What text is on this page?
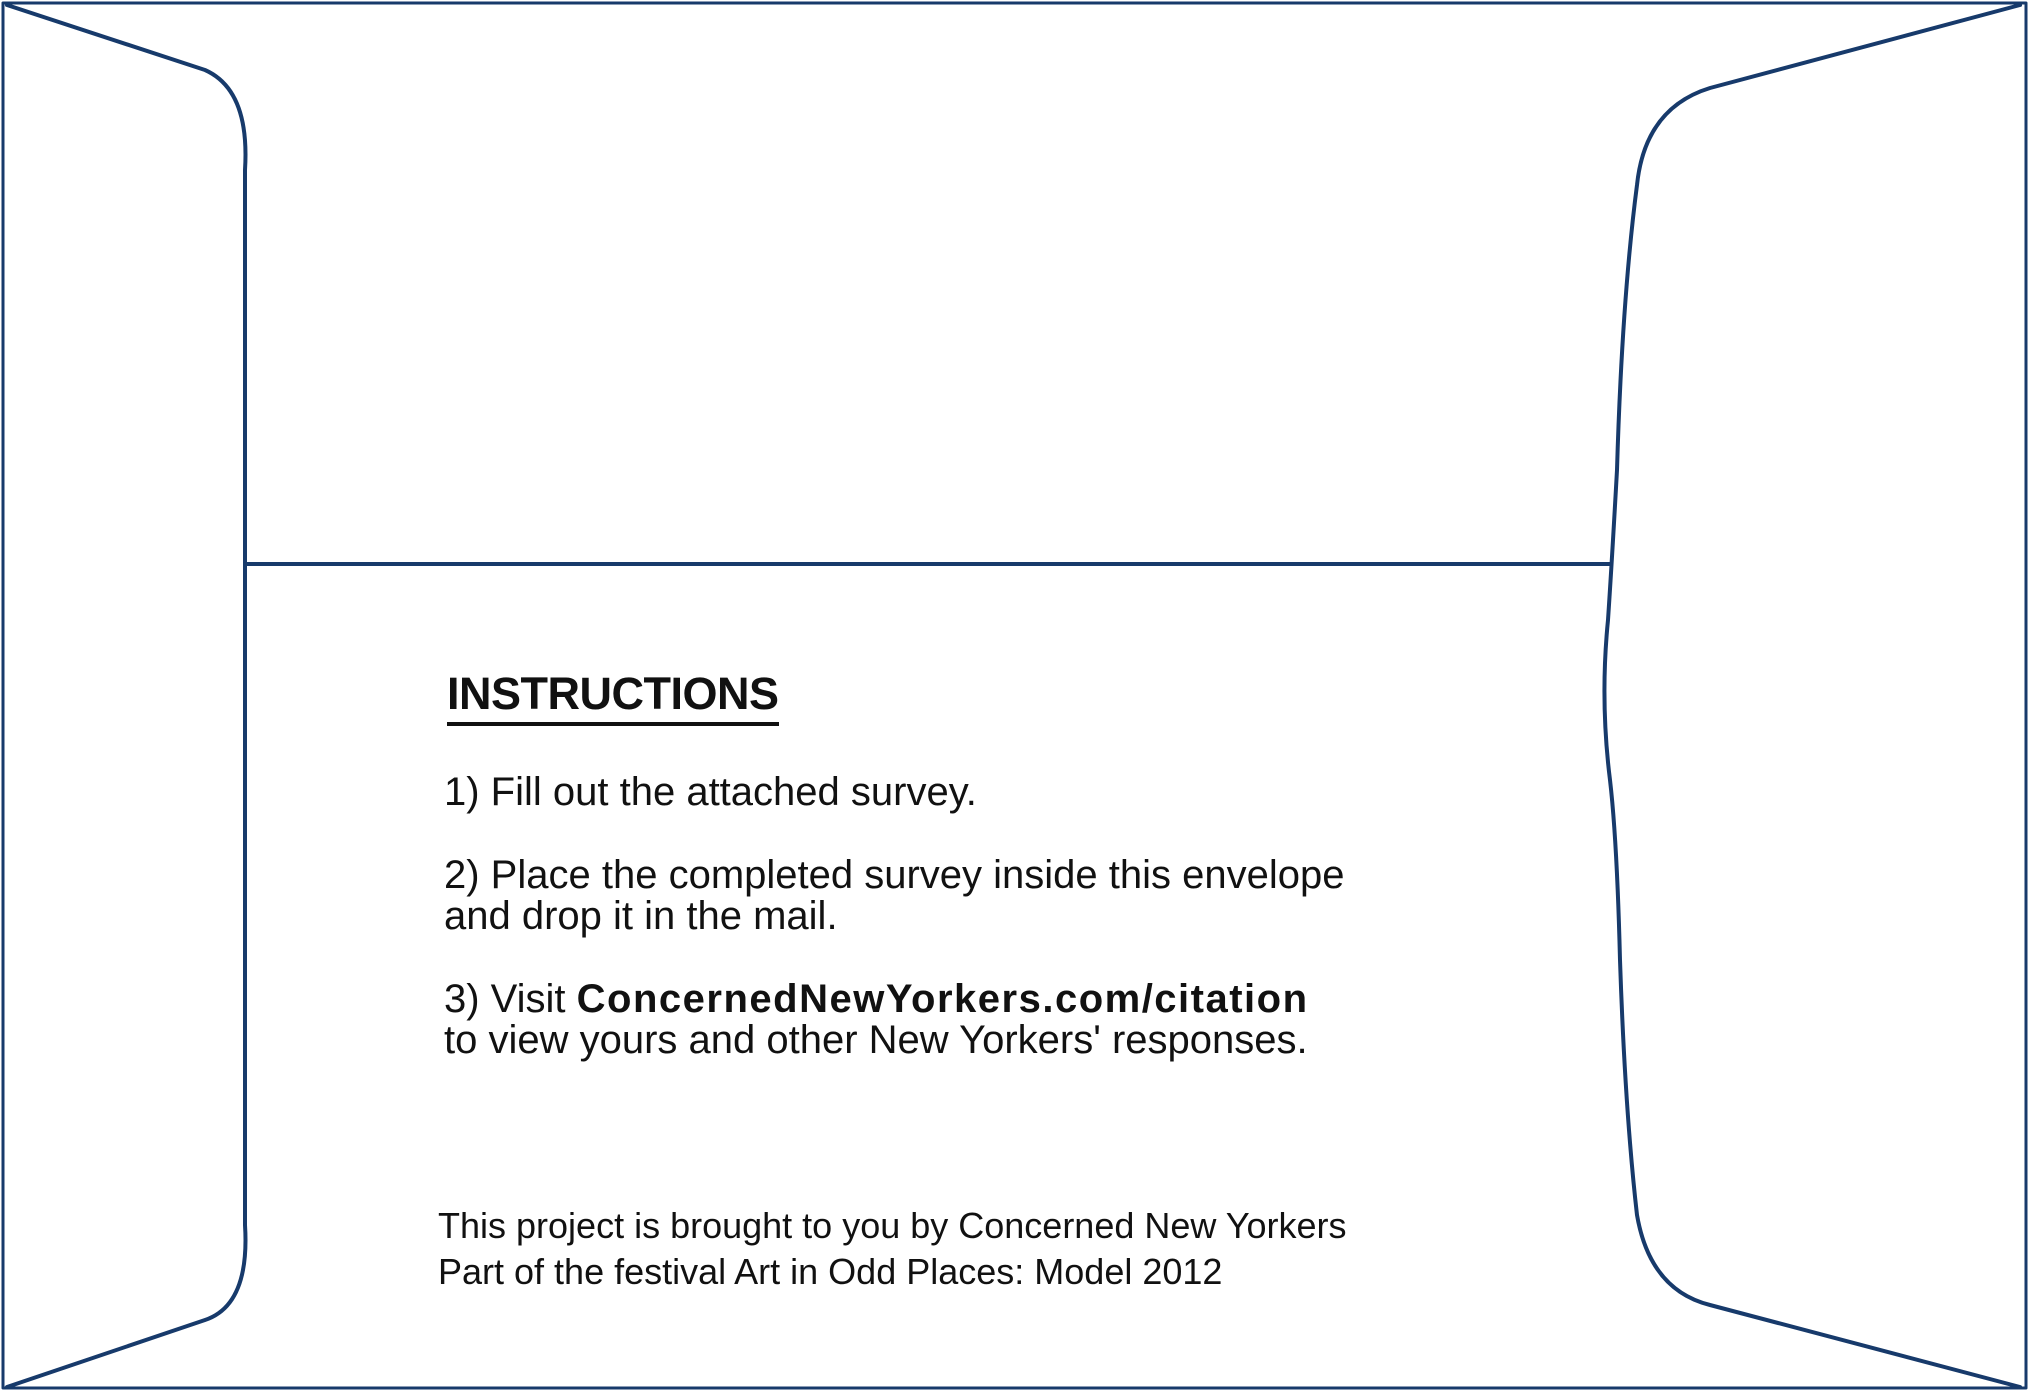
INSTRUCTIONS
1) Fill out the attached survey.
2) Place the completed survey inside this envelope
and drop it in the mail.
3) Visit ConcernedNewYorkers.com/citation
to view yours and other New Yorkers' responses.
This project is brought to you by Concerned New Yorkers
Part of the festival Art in Odd Places: Model 2012
